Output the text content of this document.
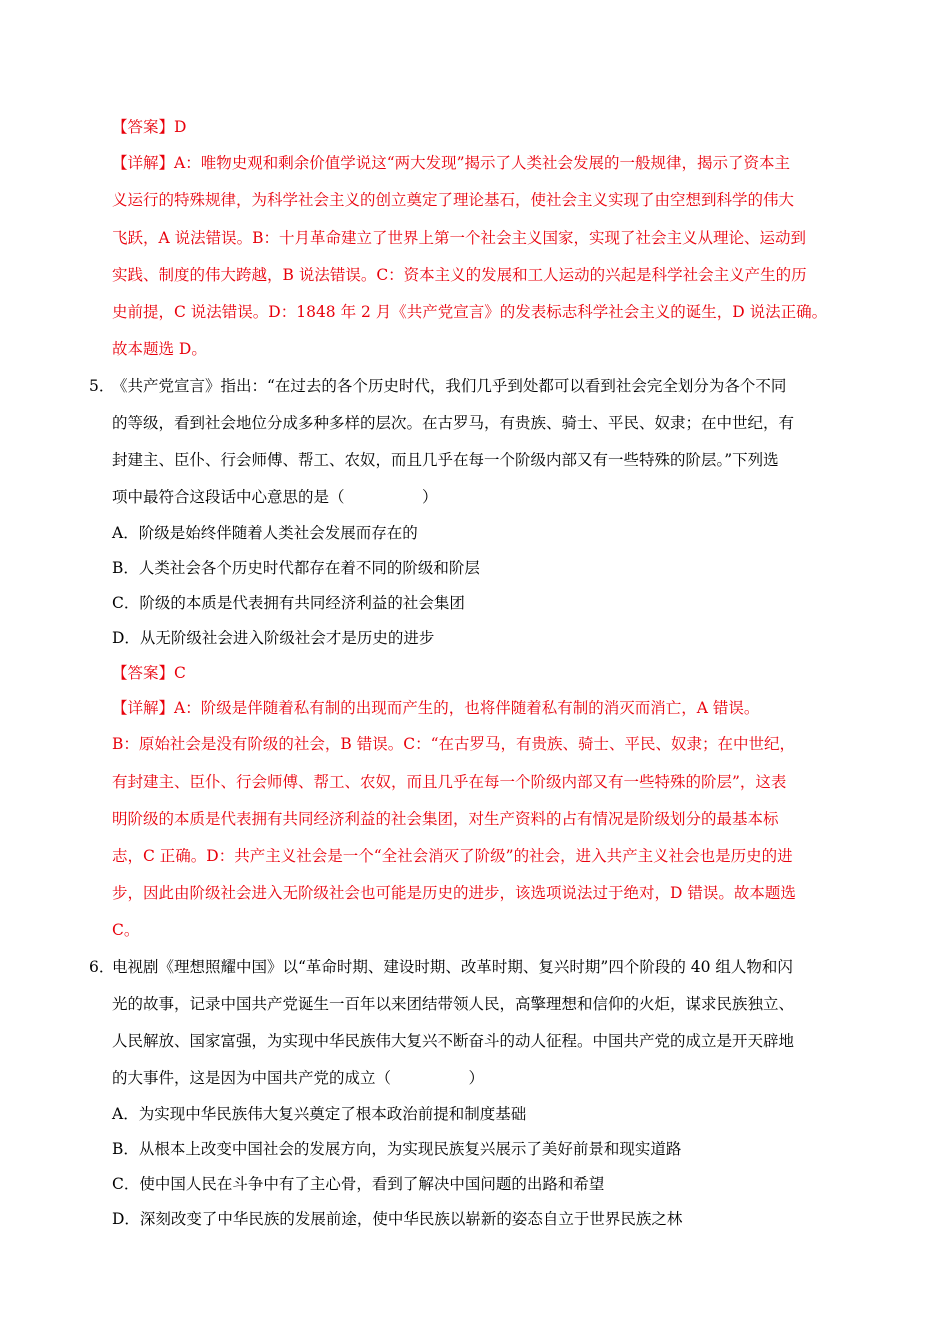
【答案】D
【详解】A：唯物史观和剩余价值学说这“两大发现”揭示了人类社会发展的一般规律，揭示了资本主
义运行的特殊规律，为科学社会主义的创立奠定了理论基石，使社会主义实现了由空想到科学的伟大
飞跃，A 说法错误。B：十月革命建立了世界上第一个社会主义国家，实现了社会主义从理论、运动到
实践、制度的伟大跨越，B 说法错误。C：资本主义的发展和工人运动的兴起是科学社会主义产生的历
史前提，C 说法错误。D：1848 年 2 月《共产党宣言》的发表标志科学社会主义的诞生，D 说法正确。
故本题选 D。
5．
《共产党宣言》指出：“在过去的各个历史时代，我们几乎到处都可以看到社会完全划分为各个不同
的等级，看到社会地位分成多种多样的层次。在古罗马，有贵族、骑士、平民、奴隶；在中世纪，有
封建主、臣仆、行会师傅、帮工、农奴，而且几乎在每一个阶级内部又有一些特殊的阶层。”下列选
项中最符合这段话中心意思的是（　　　　　）
A．阶级是始终伴随着人类社会发展而存在的
B．人类社会各个历史时代都存在着不同的阶级和阶层
C．阶级的本质是代表拥有共同经济利益的社会集团
D．从无阶级社会进入阶级社会才是历史的进步
【答案】C
【详解】A：阶级是伴随着私有制的出现而产生的，也将伴随着私有制的消灭而消亡，A 错误。
B：原始社会是没有阶级的社会，B 错误。C：“在古罗马，有贵族、骑士、平民、奴隶；在中世纪，
有封建主、臣仆、行会师傅、帮工、农奴，而且几乎在每一个阶级内部又有一些特殊的阶层”，这表
明阶级的本质是代表拥有共同经济利益的社会集团，对生产资料的占有情况是阶级划分的最基本标
志，C 正确。D：共产主义社会是一个“全社会消灭了阶级”的社会，进入共产主义社会也是历史的进
步，因此由阶级社会进入无阶级社会也可能是历史的进步，该选项说法过于绝对，D 错误。故本题选
C。
6．
电视剧《理想照耀中国》以“革命时期、建设时期、改革时期、复兴时期”四个阶段的 40 组人物和闪
光的故事，记录中国共产党诞生一百年以来团结带领人民，高擎理想和信仰的火炬，谋求民族独立、
人民解放、国家富强，为实现中华民族伟大复兴不断奋斗的动人征程。中国共产党的成立是开天辟地
的大事件，这是因为中国共产党的成立（　　　　　）
A．为实现中华民族伟大复兴奠定了根本政治前提和制度基础
B．从根本上改变中国社会的发展方向，为实现民族复兴展示了美好前景和现实道路
C．使中国人民在斗争中有了主心骨，看到了解决中国问题的出路和希望
D．深刻改变了中华民族的发展前途，使中华民族以崭新的姿态自立于世界民族之林
